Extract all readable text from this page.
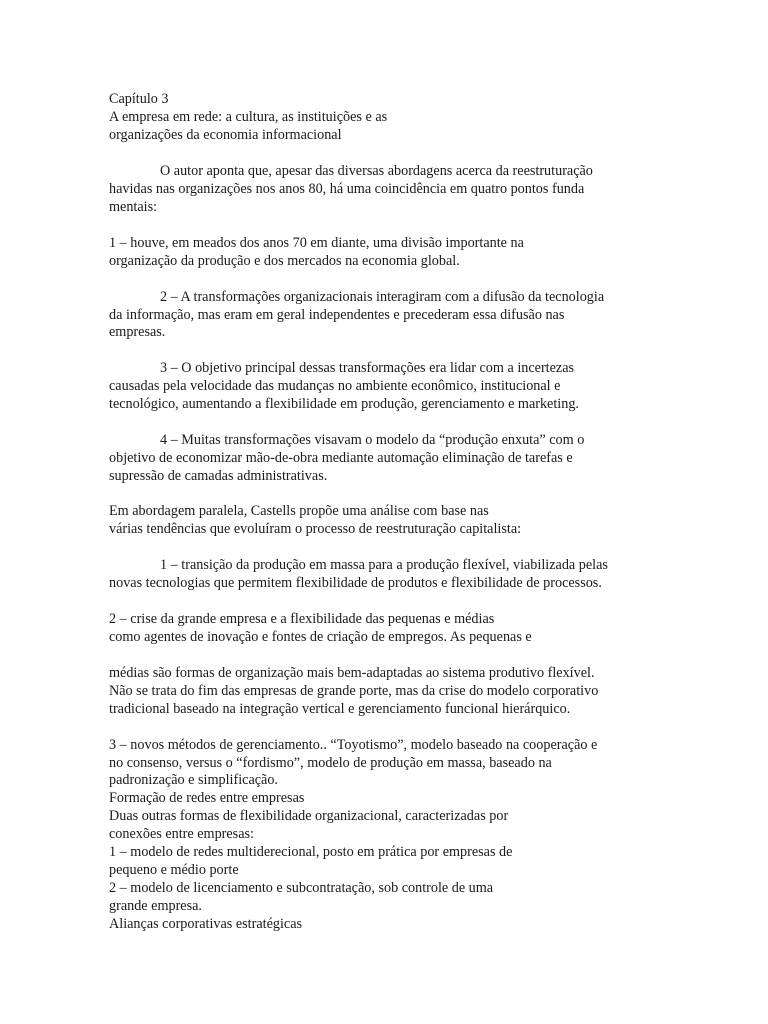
Capítulo 3
A empresa em rede: a cultura, as instituições e as
organizações da economia informacional
O autor aponta que, apesar das diversas abordagens acerca da reestruturação
havidas nas organizações nos anos 80, há uma coincidência em quatro pontos funda
mentais:
1 – houve, em meados dos anos 70 em diante, uma divisão importante na
organização da produção e dos mercados na economia global.
2 – A transformações organizacionais interagiram com a difusão da tecnologia
da informação, mas eram em geral independentes e precederam essa difusão nas
empresas.
3 – O objetivo principal dessas transformações era lidar com a incertezas
causadas pela velocidade das mudanças no ambiente econômico, institucional e
tecnológico, aumentando a flexibilidade em produção, gerenciamento e marketing.
4 – Muitas transformações visavam o modelo da “produção enxuta” com o
objetivo de economizar mão-de-obra mediante automação eliminação de tarefas e
supressão de camadas administrativas.
Em abordagem paralela, Castells propõe uma análise com base nas
várias tendências que evoluíram o processo de reestruturação capitalista:
1 – transição da produção em massa para a produção flexível, viabilizada pelas
novas tecnologias que permitem flexibilidade de produtos e flexibilidade de processos.
2 – crise da grande empresa e a flexibilidade das pequenas e médias
como agentes de inovação e fontes de criação de empregos. As pequenas e
médias são formas de organização mais bem-adaptadas ao sistema produtivo flexível.
Não se trata do fim das empresas de grande porte, mas da crise do modelo corporativo
tradicional baseado na integração vertical e gerenciamento funcional hierárquico.
3 – novos métodos de gerenciamento.. “Toyotismo”, modelo baseado na cooperação e
no consenso, versus o “fordismo”, modelo de produção em massa, baseado na
padronização e simplificação.
Formação de redes entre empresas
Duas outras formas de flexibilidade organizacional, caracterizadas por
conexões entre empresas:
1 – modelo de redes multiderecional, posto em prática por empresas de
pequeno e médio porte
2 – modelo de licenciamento e subcontratação, sob controle de uma
grande empresa.
Alianças corporativas estratégicas
